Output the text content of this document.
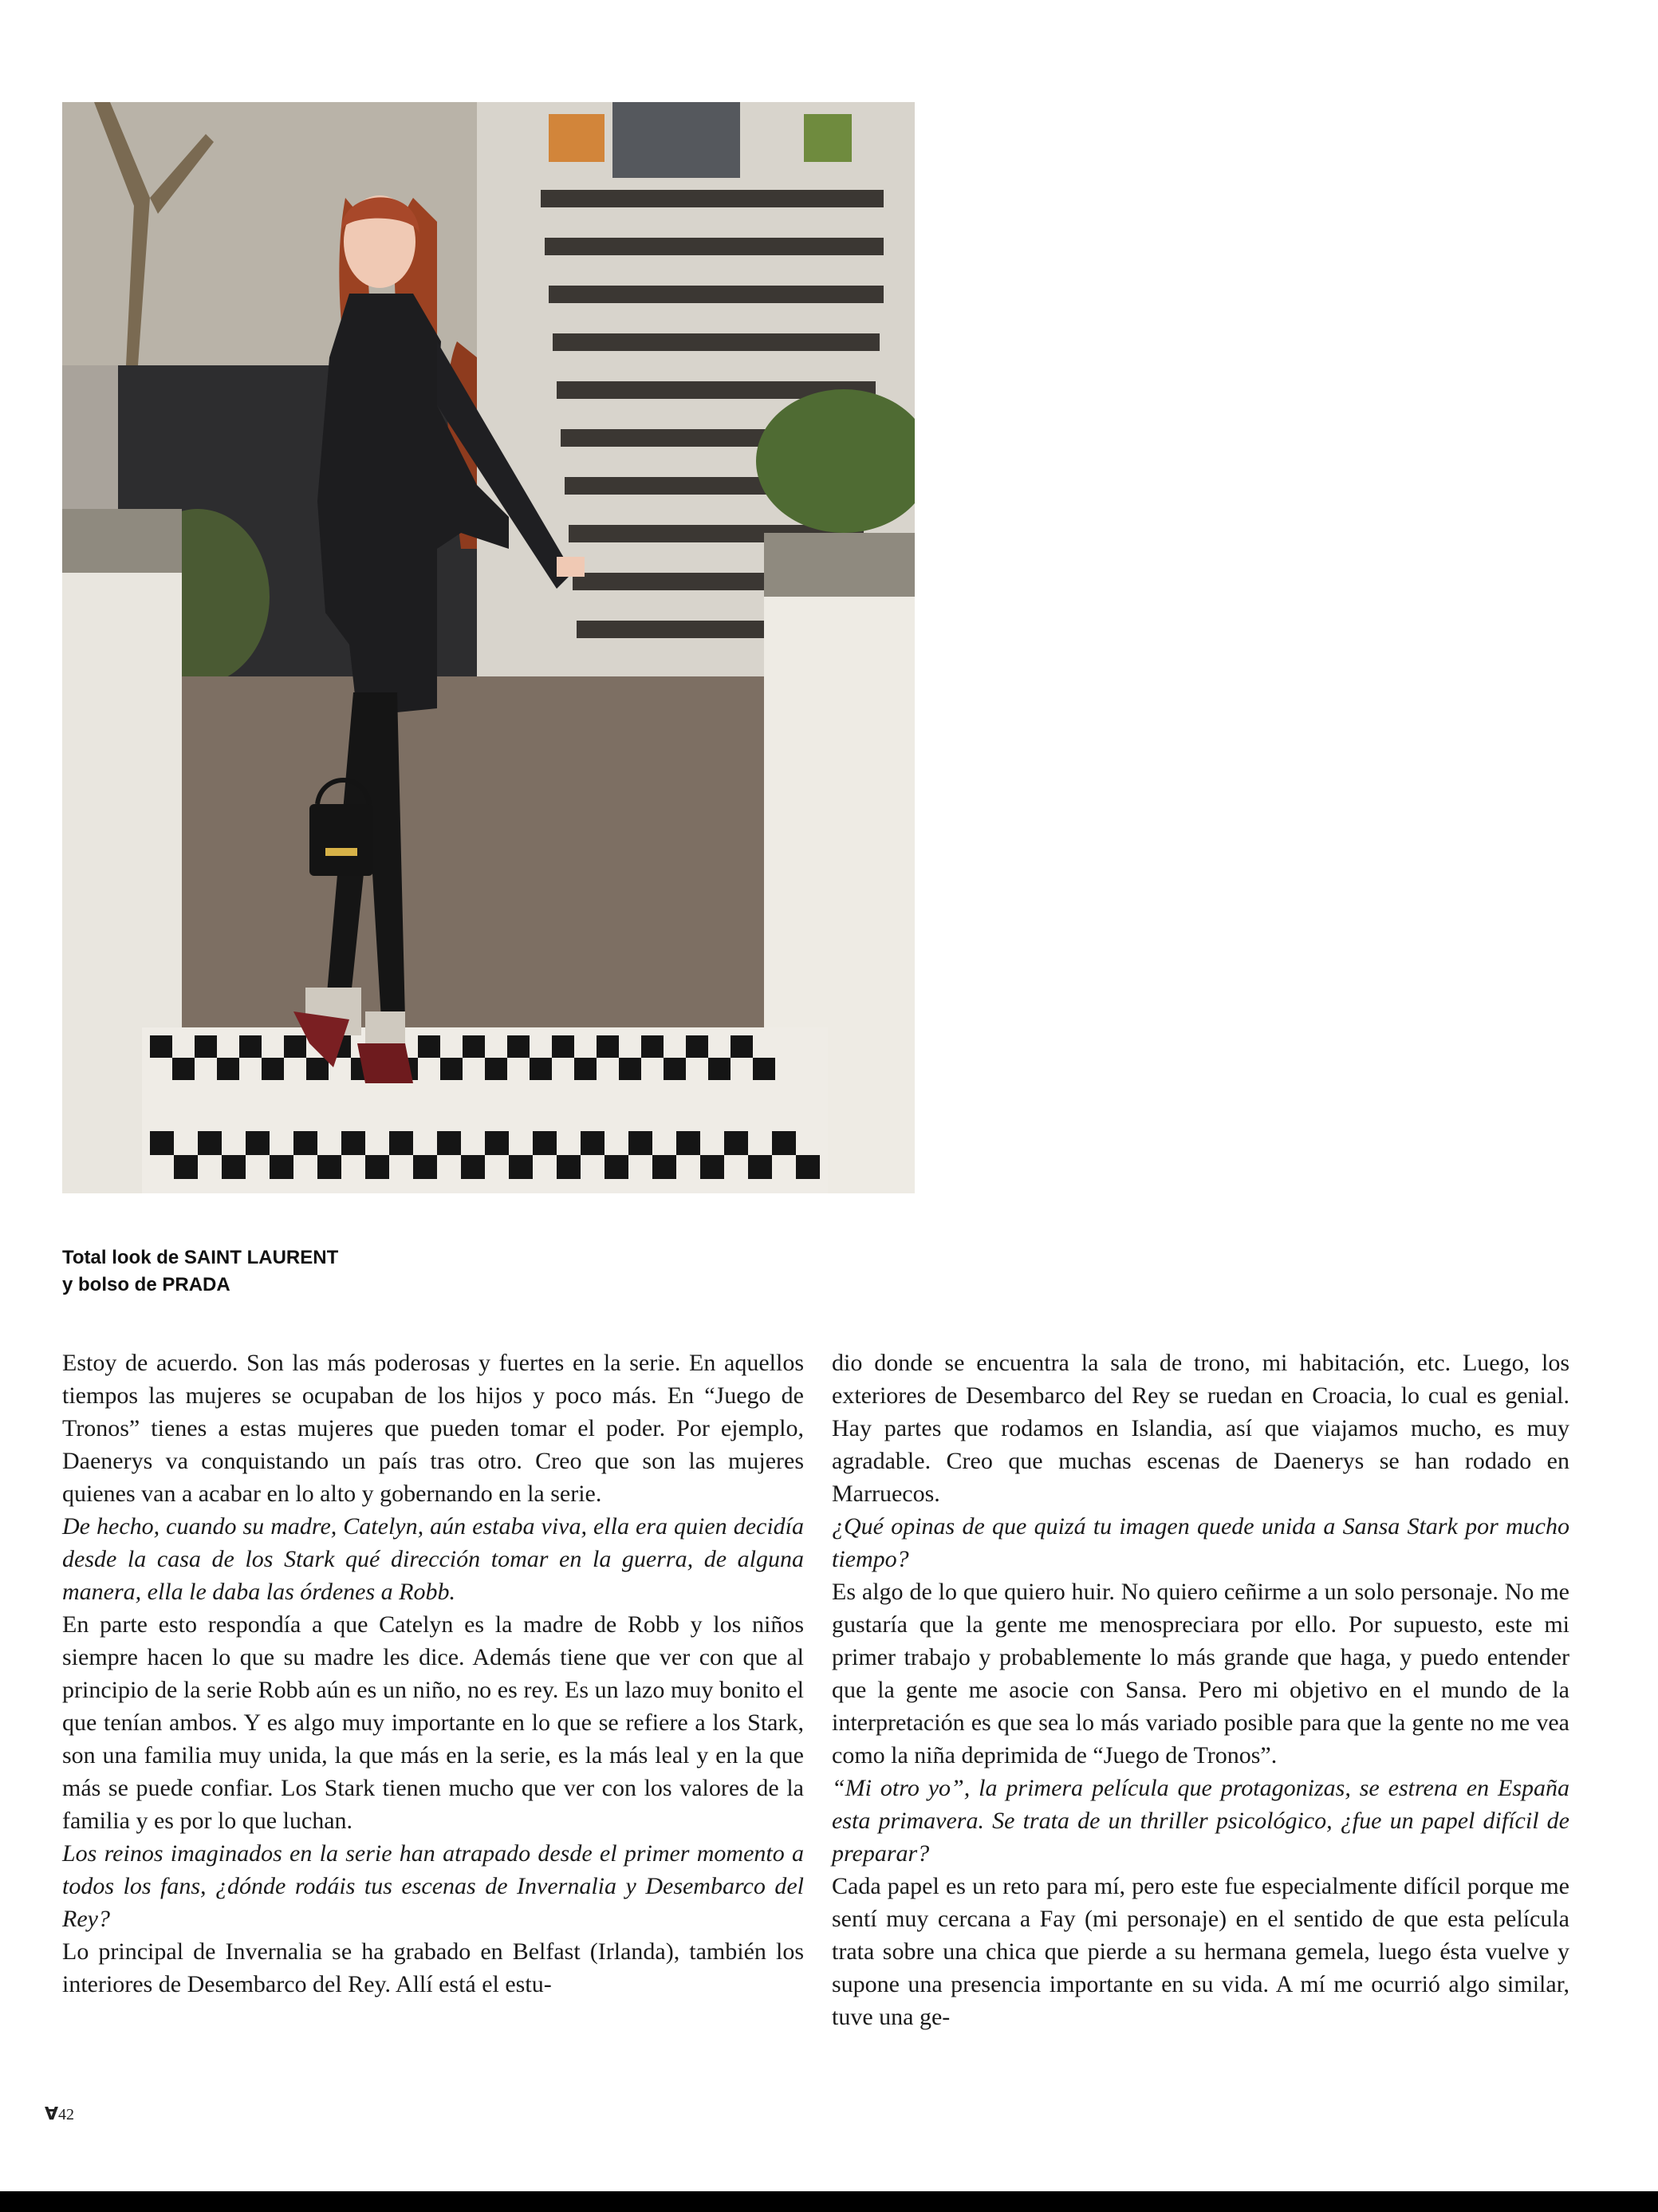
Total look de SAINT LAURENT
y bolso de PRADA

Estoy de acuerdo. Son las más poderosas y fuertes en la serie. En aquellos tiempos las mujeres se ocupaban de los hijos y poco más. En “Juego de Tronos” tienes a estas mujeres que pueden tomar el poder. Por ejemplo, Daenerys va conquistando un país tras otro. Creo que son las mujeres quienes van a acabar en lo alto y gobernando en la serie.

De hecho, cuando su madre, Catelyn, aún estaba viva, ella era quien decidía desde la casa de los Stark qué dirección tomar en la guerra, de alguna manera, ella le daba las órdenes a Robb.

En parte esto respondía a que Catelyn es la madre de Robb y los niños siempre hacen lo que su madre les dice. Además tiene que ver con que al principio de la serie Robb aún es un niño, no es rey. Es un lazo muy bonito el que tenían ambos. Y es algo muy importante en lo que se refiere a los Stark, son una familia muy unida, la que más en la serie, es la más leal y en la que más se puede confiar. Los Stark tienen mucho que ver con los valores de la familia y es por lo que luchan.

Los reinos imaginados en la serie han atrapado desde el primer momento a todos los fans, ¿dónde rodáis tus escenas de Invernalia y Desembarco del Rey?

Lo principal de Invernalia se ha grabado en Belfast (Irlanda), también los interiores de Desembarco del Rey. Allí está el estu-

dio donde se encuentra la sala de trono, mi habitación, etc. Luego, los exteriores de Desembarco del Rey se ruedan en Croacia, lo cual es genial. Hay partes que rodamos en Islandia, así que viajamos mucho, es muy agradable. Creo que muchas escenas de Daenerys se han rodado en Marruecos.

¿Qué opinas de que quizá tu imagen quede unida a Sansa Stark por mucho tiempo?

Es algo de lo que quiero huir. No quiero ceñirme a un solo personaje. No me gustaría que la gente me menospreciara por ello. Por supuesto, este mi primer trabajo y probablemente lo más grande que haga, y puedo entender que la gente me asocie con Sansa. Pero mi objetivo en el mundo de la interpretación es que sea lo más variado posible para que la gente no me vea como la niña deprimida de “Juego de Tronos”.

“Mi otro yo”, la primera película que protagonizas, se estrena en España esta primavera. Se trata de un thriller psicológico, ¿fue un papel difícil de preparar?

Cada papel es un reto para mí, pero este fue especialmente difícil porque me sentí muy cercana a Fay (mi personaje) en el sentido de que esta película trata sobre una chica que pierde a su hermana gemela, luego ésta vuelve y supone una presencia importante en su vida. A mí me ocurrió algo similar, tuve una ge-

∀42
